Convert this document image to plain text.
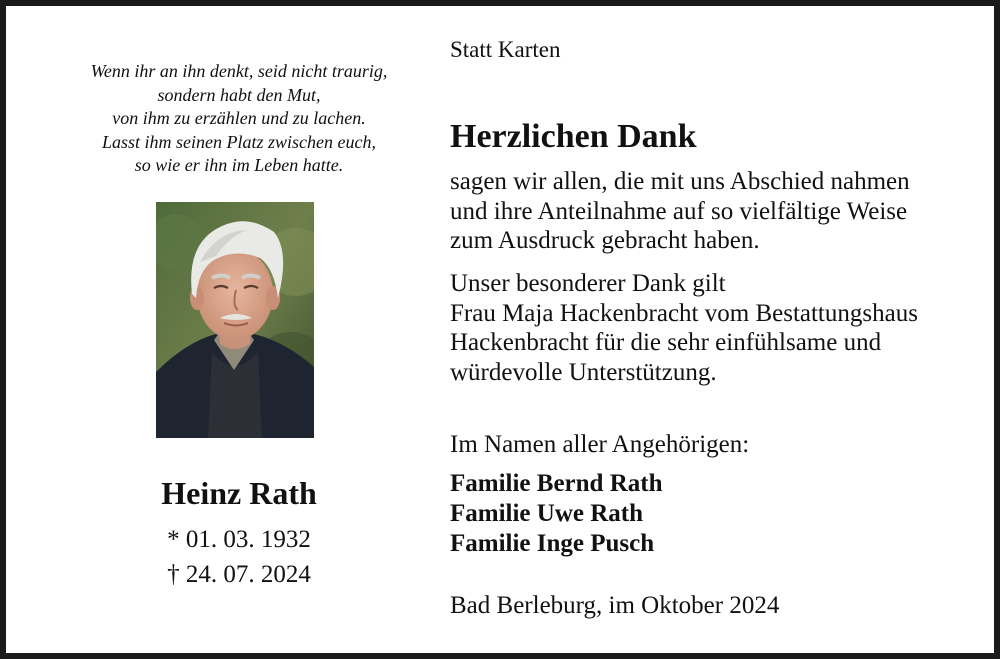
Wenn ihr an ihn denkt, seid nicht traurig,
sondern habt den Mut,
von ihm zu erzählen und zu lachen.
Lasst ihm seinen Platz zwischen euch,
so wie er ihn im Leben hatte.
Heinz Rath
* 01. 03. 1932
† 24. 07. 2024
Statt Karten
Herzlichen Dank
sagen wir allen, die mit uns Abschied nahmen
und ihre Anteilnahme auf so vielfältige Weise
zum Ausdruck gebracht haben.
Unser besonderer Dank gilt
Frau Maja Hackenbracht vom Bestattungshaus
Hackenbracht für die sehr einfühlsame und
würdevolle Unterstützung.
Im Namen aller Angehörigen:
Familie Bernd Rath
Familie Uwe Rath
Familie Inge Pusch
Bad Berleburg, im Oktober 2024
